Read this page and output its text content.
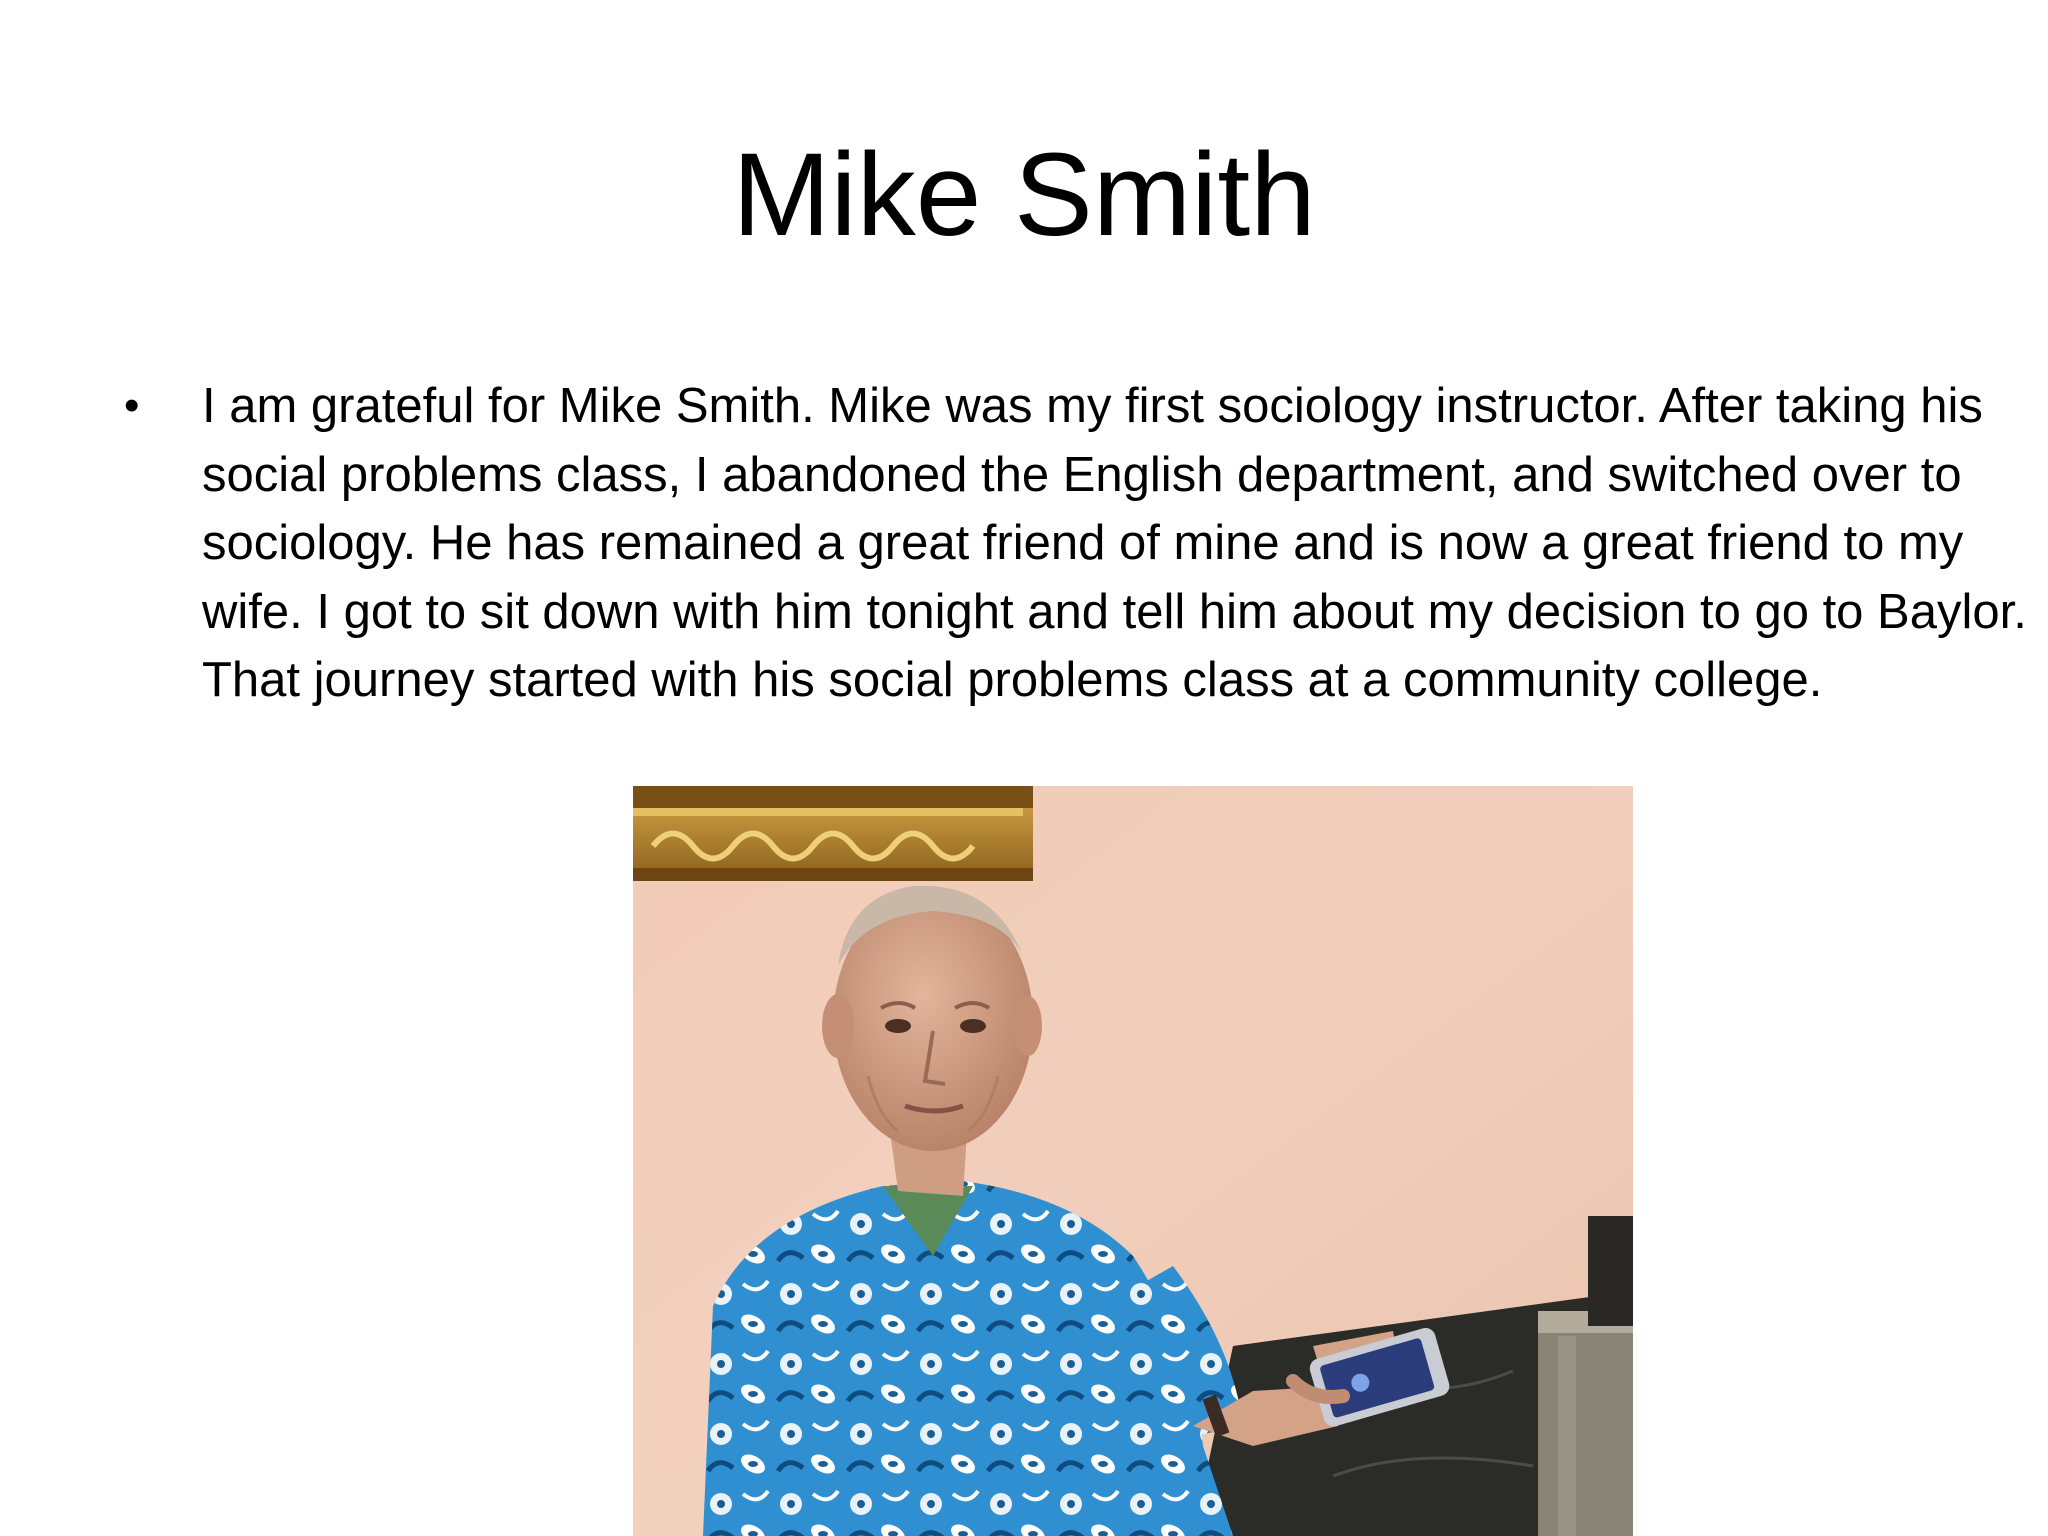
Mike Smith
• I am grateful for Mike Smith. Mike was my first sociology instructor. After taking his social problems class, I abandoned the English department, and switched over to sociology. He has remained a great friend of mine and is now a great friend to my wife. I got to sit down with him tonight and tell him about my decision to go to Baylor. That journey started with his social problems class at a community college.
